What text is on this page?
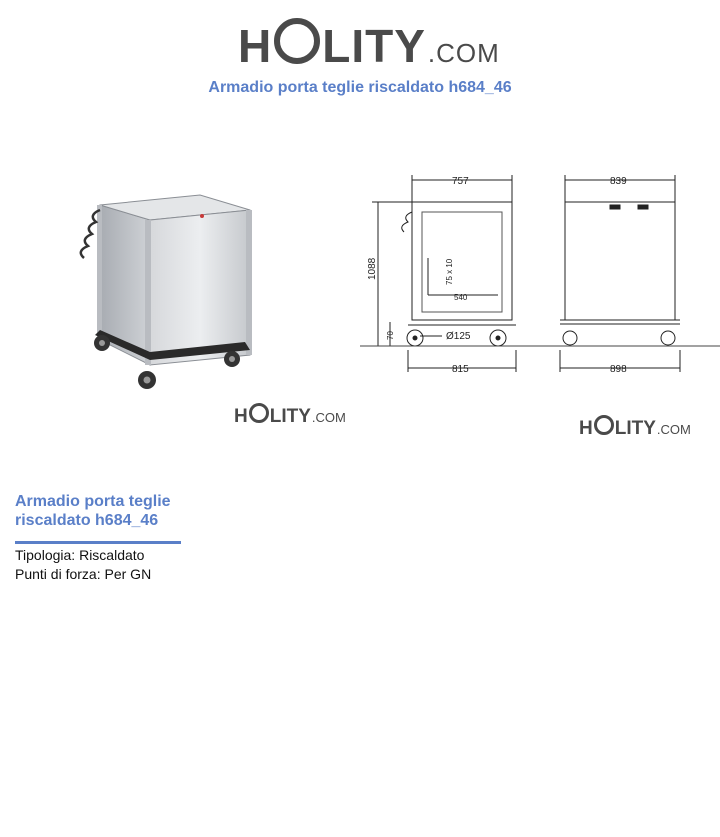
H LITY .COM
Armadio porta teglie riscaldato h684_46
757	839
1088	75 x 10
540
Ø125
70
815	898
H LITY .COM
H LITY .COM
Armadio porta teglie
riscaldato h684_46
Tipologia: Riscaldato
Punti di forza: Per GN
